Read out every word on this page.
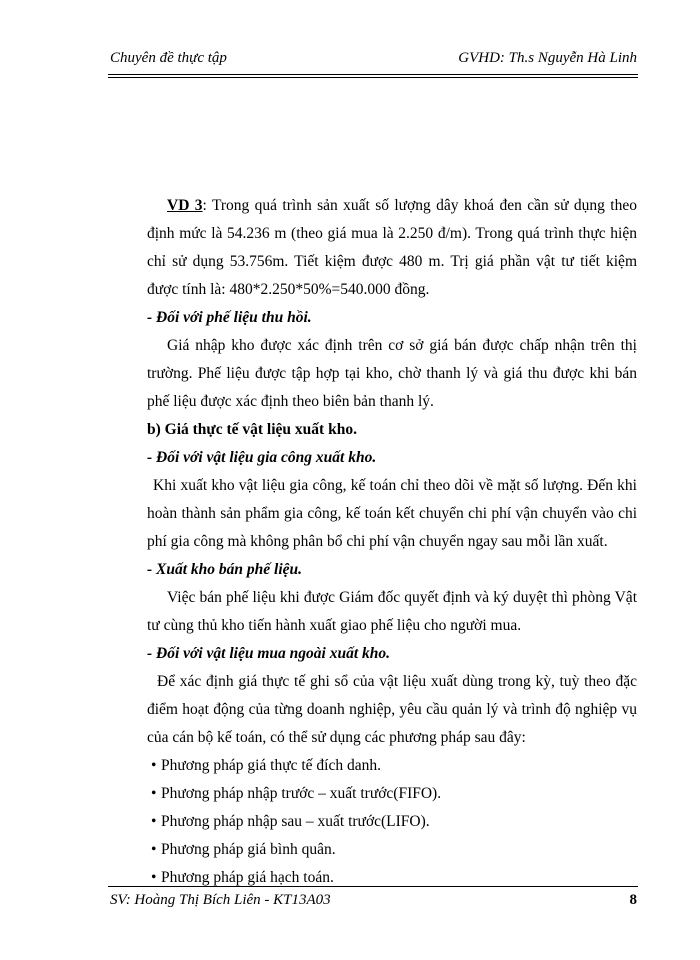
Chuyên đề thực tập	GVHD: Th.s Nguyễn Hà Linh

VD 3: Trong quá trình sản xuất số lượng dây khoá đen cần sử dụng theo định mức là 54.236 m (theo giá mua là 2.250 đ/m). Trong quá trình thực hiện chỉ sử dụng 53.756m. Tiết kiệm được 480 m. Trị giá phần vật tư tiết kiệm được tính là: 480*2.250*50%=540.000 đồng.

- Đối với phế liệu thu hồi.

Giá nhập kho được xác định trên cơ sở giá bán được chấp nhận trên thị trường. Phế liệu được tập hợp tại kho, chờ thanh lý và giá thu được khi bán phế liệu được xác định theo biên bản thanh lý.

b) Giá thực tế vật liệu xuất kho.

- Đối với vật liệu gia công xuất kho.

Khi xuất kho vật liệu gia công, kế toán chỉ theo dõi về mặt số lượng. Đến khi hoàn thành sản phẩm gia công, kế toán kết chuyển chi phí vận chuyển vào chi phí gia công mà không phân bổ chi phí vận chuyển ngay sau mỗi lần xuất.

- Xuất kho bán phế liệu.

Việc bán phế liệu khi được Giám đốc quyết định và ký duyệt thì phòng Vật tư cùng thủ kho tiến hành xuất giao phế liệu cho người mua.

- Đối với vật liệu mua ngoài xuất kho.

Để xác định giá thực tế ghi sổ của vật liệu xuất dùng trong kỳ, tuỳ theo đặc điểm hoạt động của từng doanh nghiệp, yêu cầu quản lý và trình độ nghiệp vụ của cán bộ kế toán, có thể sử dụng các phương pháp sau đây:

• Phương pháp giá thực tế đích danh.

• Phương pháp nhập trước – xuất trước(FIFO).

• Phương pháp nhập sau – xuất trước(LIFO).

• Phương pháp giá bình quân.

• Phương pháp giá hạch toán.

SV: Hoàng Thị Bích Liên - KT13A03	8
